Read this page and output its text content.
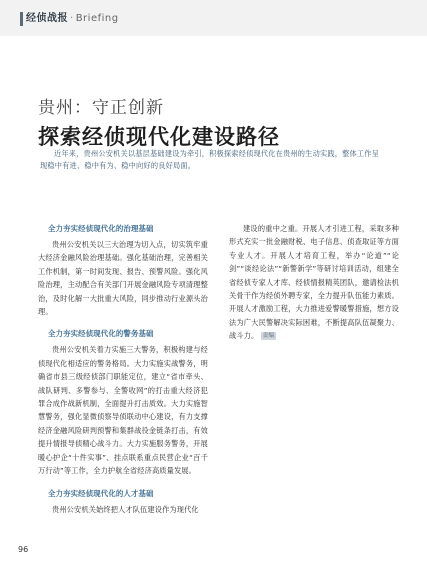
经侦战报 · Briefing
贵州：守正创新
探索经侦现代化建设路径
近年来，贵州公安机关以基层基础建设为牵引，积极探索经侦现代化在贵州的生动实践，整体工作呈现稳中有进、稳中有为、稳中向好的良好局面。
全力夯实经侦现代化的治理基础

贵州公安机关以三大治理为切入点，切实筑牢重大经济金融风险治理基础。强化基础治理，完善相关工作机制，第一时间发现、报告、预警风险。强化风险治理，主动配合有关部门开展金融风险专项清理整治，及时化解一大批重大风险，同步推动行业源头治理。

全力夯实经侦现代化的警务基础

贵州公安机关着力实施三大警务，积极构建与经侦现代化相适应的警务格局。大力实施实战警务，明确省市县三级经侦部门职能定位，建立“省市牵头、战队研判、多警参与、全警收网”的打击重大经济犯罪合成作战新机制，全面提升打击质效。大力实施智慧警务，强化显微侦察导侦联动中心建设，有力支撑经济金融风险研判预警和集群战役金链条打击，有效提升情报导侦精心战斗力。大力实施服务警务，开展暖心护企“十件实事”、挂点联系重点民营企业“百千万行动”等工作，全力护航全省经济高质量发展。

全力夯实经侦现代化的人才基础

贵州公安机关始终把人才队伍建设作为现代化

建设的重中之重。开展人才引进工程，采取多种形式充实一批金融财税、电子信息、侦查取证等方面专业人才。开展人才培育工程，举办“论道”“论剑”“谈经论法”“新警新学”等研讨培训活动，组建全省经侦专家人才库、经侦情报精英团队，邀请检法机关骨干作为经侦外聘专家，全力提升队伍能力素质。开展人才激励工程，大力推进爱警暖警措施，想方设法为广大民警解决实际困难，不断提高队伍凝聚力、战斗力。 责编

96
